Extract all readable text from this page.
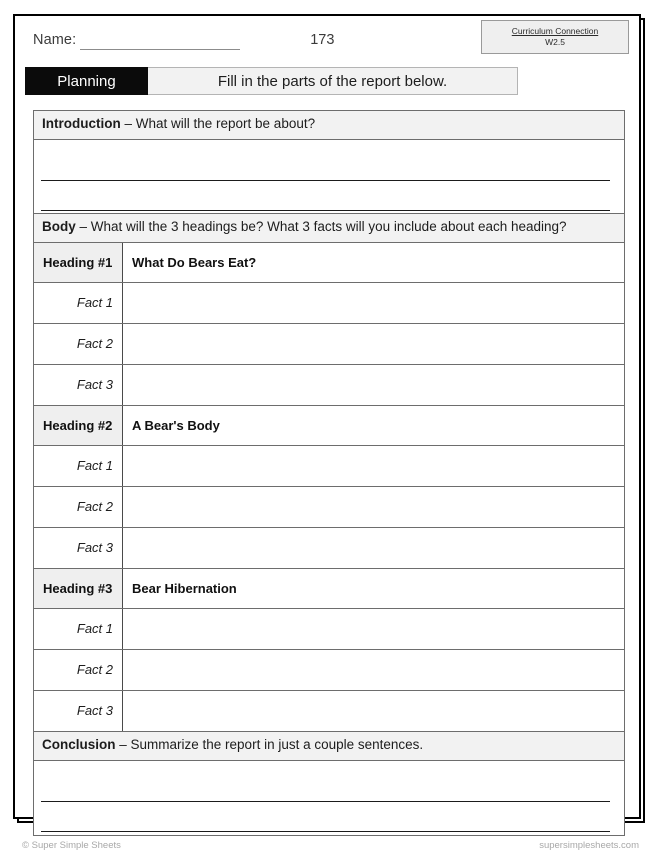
Name:	173
Curriculum Connection
W2.5
Planning	Fill in the parts of the report below.
Introduction – What will the report be about?
Body – What will the 3 headings be? What 3 facts will you include about each heading?
Heading #1 What Do Bears Eat?
Fact 1
Fact 2
Fact 3
Heading #2 A Bear's Body
Fact 1
Fact 2
Fact 3
Heading #3 Bear Hibernation
Fact 1
Fact 2
Fact 3
Conclusion – Summarize the report in just a couple sentences.
© Super Simple Sheets	supersimplesheets.com
